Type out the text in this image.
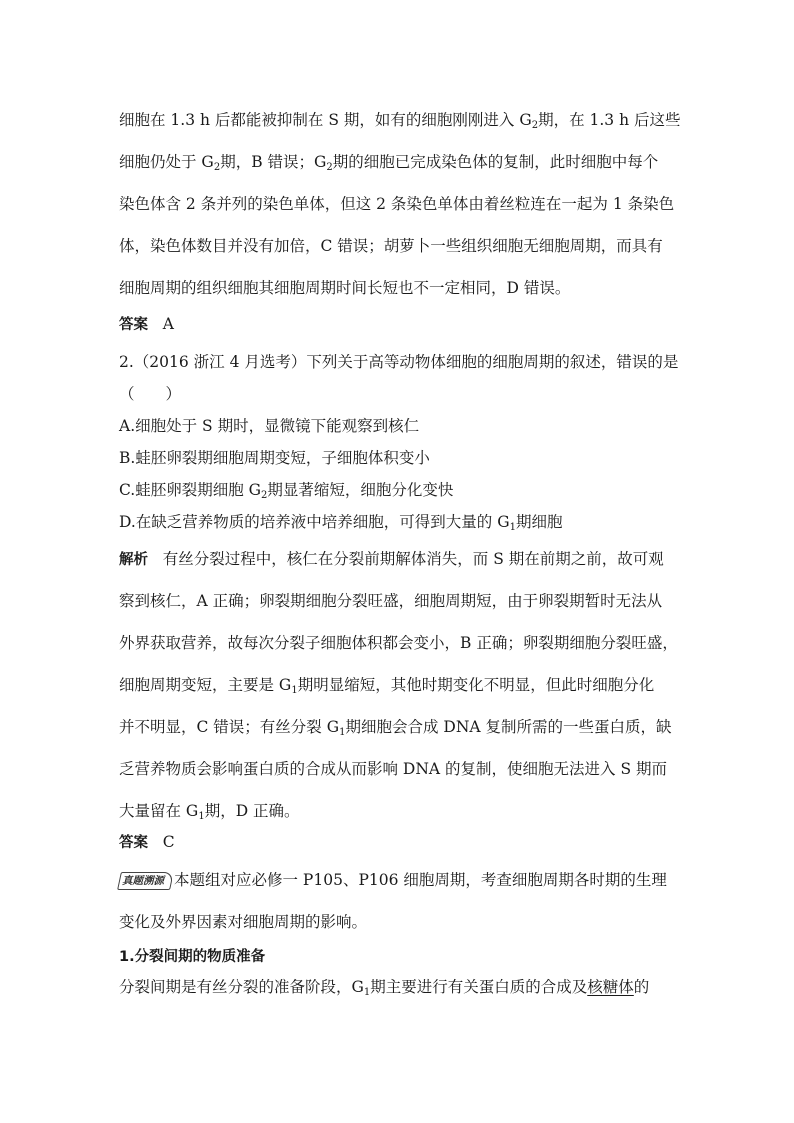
细胞在 1.3 h 后都能被抑制在 S 期，如有的细胞刚刚进入 $G_2$期，在 1.3 h 后这些
细胞仍处于 $G_2$期，B 错误；$G_2$期的细胞已完成染色体的复制，此时细胞中每个
染色体含 2 条并列的染色单体，但这 2 条染色单体由着丝粒连在一起为 1 条染色
体，染色体数目并没有加倍，C 错误；胡萝卜一些组织细胞无细胞周期，而具有
细胞周期的组织细胞其细胞周期时间长短也不一定相同，D 错误。
答案 A
2.（2016 浙江 4 月选考）下列关于高等动物体细胞的细胞周期的叙述，错误的是
（　　）
A.细胞处于 S 期时，显微镜下能观察到核仁
B.蛙胚卵裂期细胞周期变短，子细胞体积变小
C.蛙胚卵裂期细胞 $G_2$期显著缩短，细胞分化变快
D.在缺乏营养物质的培养液中培养细胞，可得到大量的 $G_1$期细胞
解析 有丝分裂过程中，核仁在分裂前期解体消失，而 S 期在前期之前，故可观
察到核仁，A 正确；卵裂期细胞分裂旺盛，细胞周期短，由于卵裂期暂时无法从
外界获取营养，故每次分裂子细胞体积都会变小，B 正确；卵裂期细胞分裂旺盛，
细胞周期变短，主要是 $G_1$期明显缩短，其他时期变化不明显，但此时细胞分化
并不明显，C 错误；有丝分裂 $G_1$期细胞会合成 DNA 复制所需的一些蛋白质，缺
乏营养物质会影响蛋白质的合成从而影响 DNA 的复制，使细胞无法进入 S 期而
大量留在 $G_1$期，D 正确。
答案 C
真题溯源 本题组对应必修一 P105、P106 细胞周期，考查细胞周期各时期的生理
变化及外界因素对细胞周期的影响。
1.分裂间期的物质准备
分裂间期是有丝分裂的准备阶段，$G_1$期主要进行有关蛋白质的合成及核糖体的
